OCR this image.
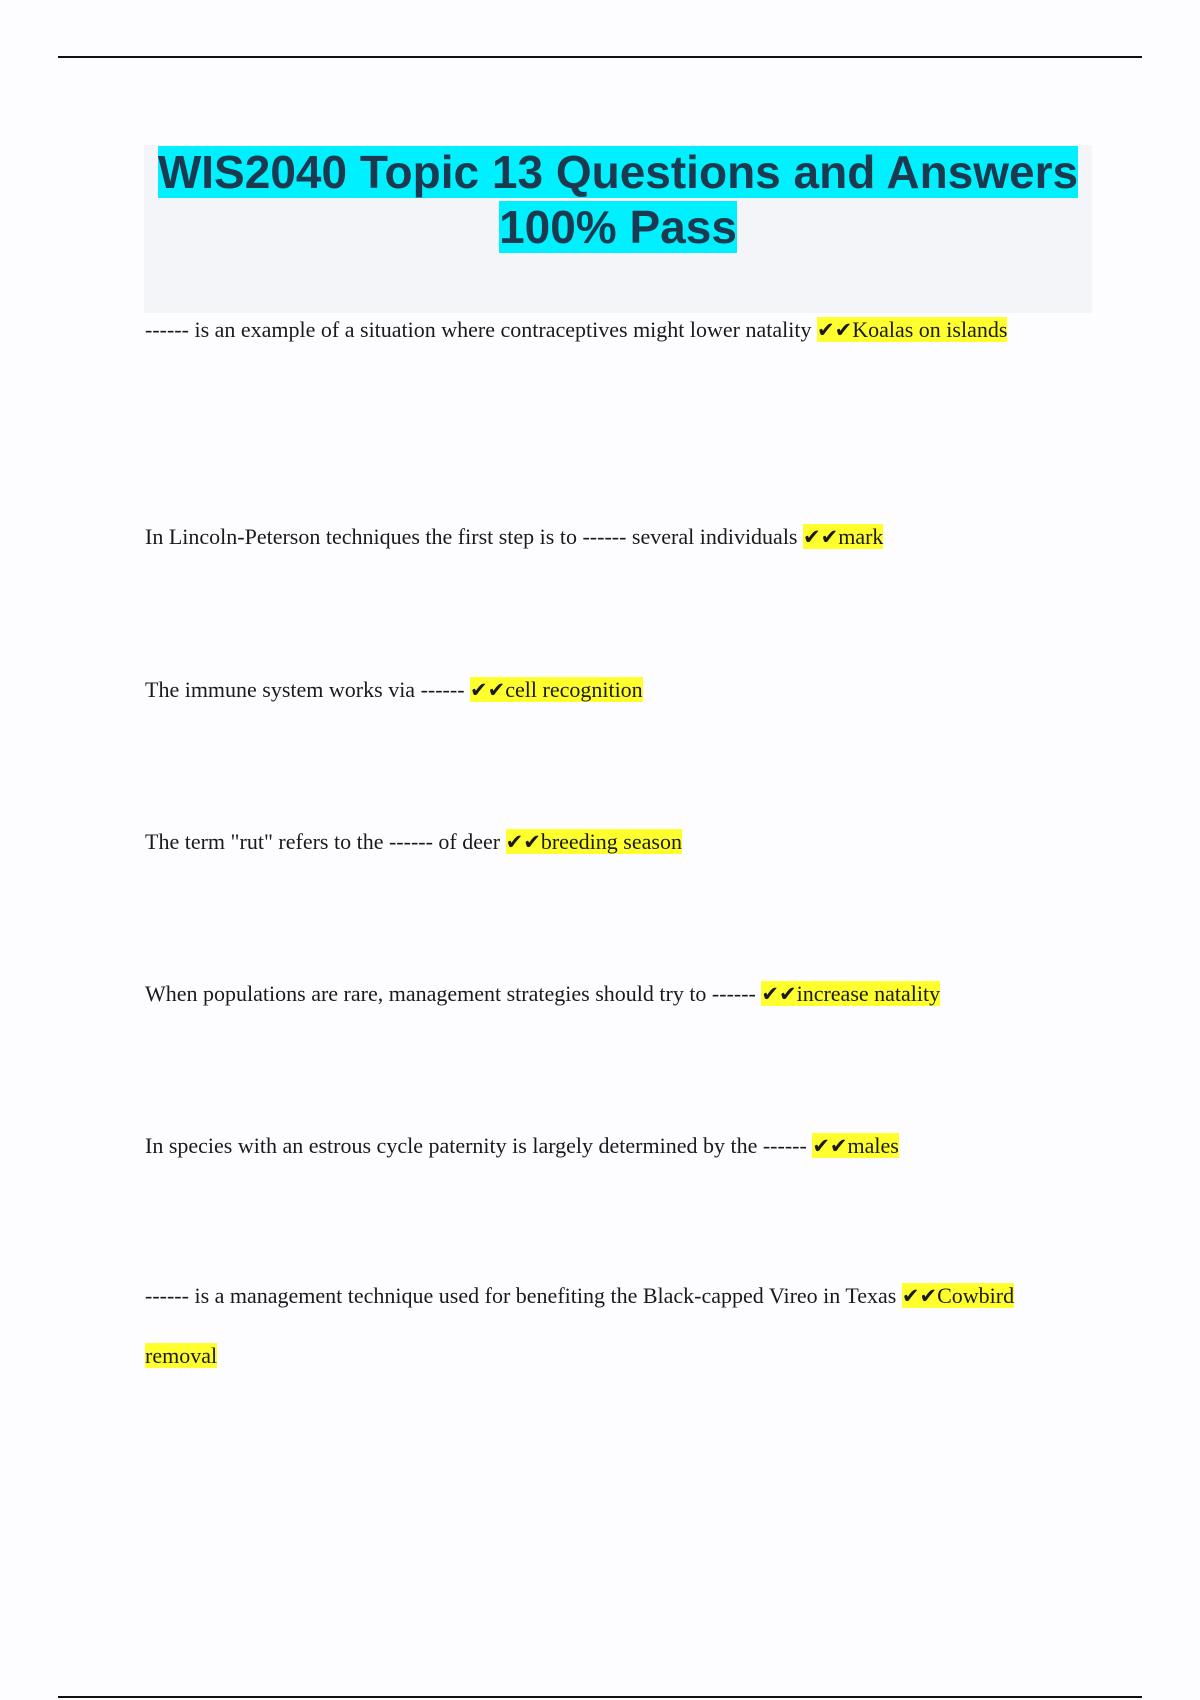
WIS2040 Topic 13 Questions and Answers 100% Pass

------ is an example of a situation where contraceptives might lower natality ✔✔Koalas on islands

In Lincoln-Peterson techniques the first step is to ------ several individuals ✔✔mark

The immune system works via ------ ✔✔cell recognition

The term "rut" refers to the ------ of deer ✔✔breeding season

When populations are rare, management strategies should try to ------ ✔✔increase natality

In species with an estrous cycle paternity is largely determined by the ------ ✔✔males

------ is a management technique used for benefiting the Black-capped Vireo in Texas ✔✔Cowbird removal
